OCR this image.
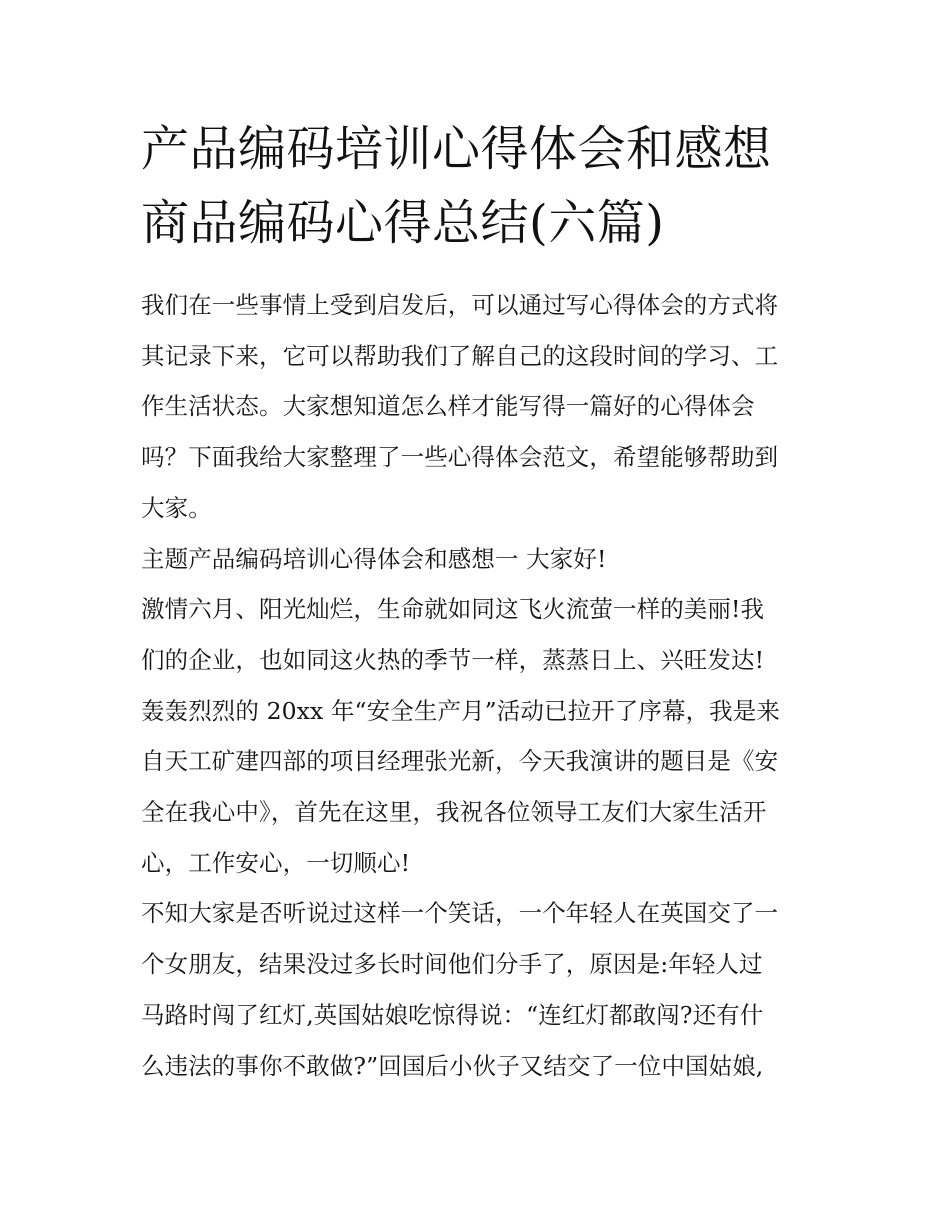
产品编码培训心得体会和感想
商品编码心得总结(六篇)

我们在一些事情上受到启发后，可以通过写心得体会的方式将
其记录下来，它可以帮助我们了解自己的这段时间的学习、工
作生活状态。大家想知道怎么样才能写得一篇好的心得体会
吗？下面我给大家整理了一些心得体会范文，希望能够帮助到
大家。

主题产品编码培训心得体会和感想一 大家好!

激情六月、阳光灿烂，生命就如同这飞火流萤一样的美丽!我
们的企业，也如同这火热的季节一样，蒸蒸日上、兴旺发达!
轰轰烈烈的 20xx 年“安全生产月”活动已拉开了序幕，我是来
自天工矿建四部的项目经理张光新，今天我演讲的题目是《安
全在我心中》，首先在这里，我祝各位领导工友们大家生活开
心，工作安心，一切顺心!

不知大家是否听说过这样一个笑话，一个年轻人在英国交了一
个女朋友，结果没过多长时间他们分手了，原因是:年轻人过
马路时闯了红灯,英国姑娘吃惊得说：“连红灯都敢闯?还有什
么违法的事你不敢做?”回国后小伙子又结交了一位中国姑娘,
